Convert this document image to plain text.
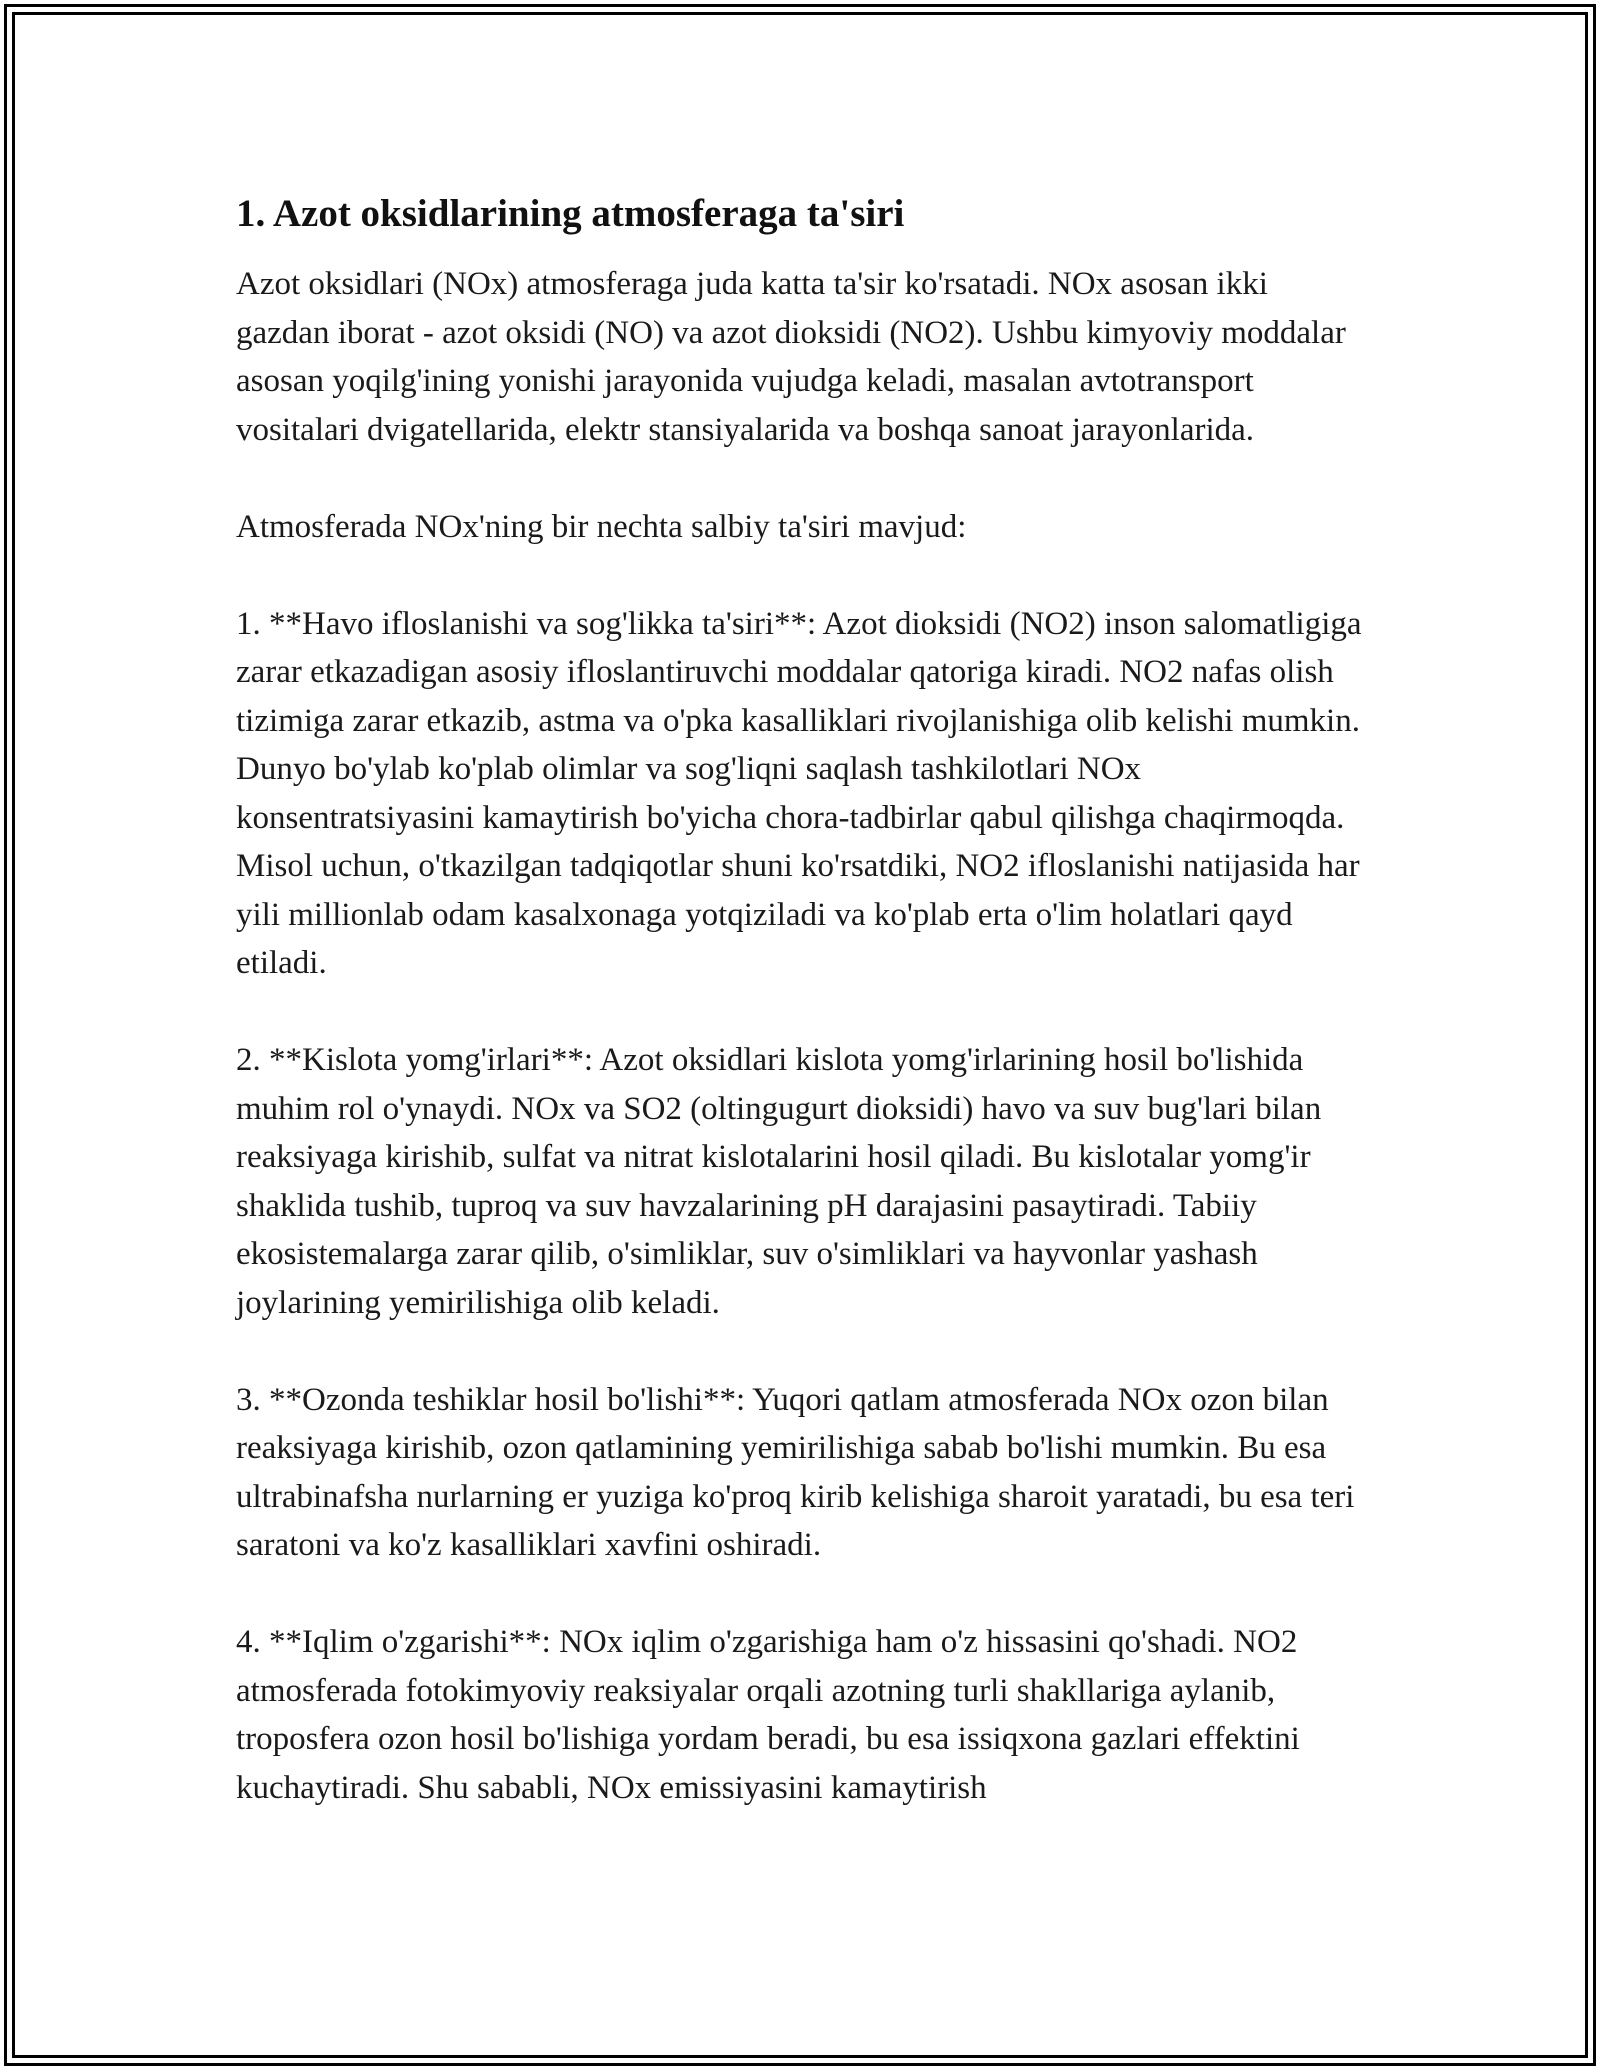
1. Azot oksidlarining atmosferaga ta'siri

Azot oksidlari (NOx) atmosferaga juda katta ta'sir ko'rsatadi. NOx asosan ikki gazdan iborat - azot oksidi (NO) va azot dioksidi (NO2). Ushbu kimyoviy moddalar asosan yoqilg'ining yonishi jarayonida vujudga keladi, masalan avtotransport vositalari dvigatellarida, elektr stansiyalarida va boshqa sanoat jarayonlarida.

Atmosferada NOx'ning bir nechta salbiy ta'siri mavjud:

1. **Havo ifloslanishi va sog'likka ta'siri**: Azot dioksidi (NO2) inson salomatligiga zarar etkazadigan asosiy ifloslantiruvchi moddalar qatoriga kiradi. NO2 nafas olish tizimiga zarar etkazib, astma va o'pka kasalliklari rivojlanishiga olib kelishi mumkin. Dunyo bo'ylab ko'plab olimlar va sog'liqni saqlash tashkilotlari NOx konsentratsiyasini kamaytirish bo'yicha chora-tadbirlar qabul qilishga chaqirmoqda. Misol uchun, o'tkazilgan tadqiqotlar shuni ko'rsatdiki, NO2 ifloslanishi natijasida har yili millionlab odam kasalxonaga yotqiziladi va ko'plab erta o'lim holatlari qayd etiladi.

2. **Kislota yomg'irlari**: Azot oksidlari kislota yomg'irlarining hosil bo'lishida muhim rol o'ynaydi. NOx va SO2 (oltingugurt dioksidi) havo va suv bug'lari bilan reaksiyaga kirishib, sulfat va nitrat kislotalarini hosil qiladi. Bu kislotalar yomg'ir shaklida tushib, tuproq va suv havzalarining pH darajasini pasaytiradi. Tabiiy ekosistemalarga zarar qilib, o'simliklar, suv o'simliklari va hayvonlar yashash joylarining yemirilishiga olib keladi.

3. **Ozonda teshiklar hosil bo'lishi**: Yuqori qatlam atmosferada NOx ozon bilan reaksiyaga kirishib, ozon qatlamining yemirilishiga sabab bo'lishi mumkin. Bu esa ultrabinafsha nurlarning er yuziga ko'proq kirib kelishiga sharoit yaratadi, bu esa teri saratoni va ko'z kasalliklari xavfini oshiradi.

4. **Iqlim o'zgarishi**: NOx iqlim o'zgarishiga ham o'z hissasini qo'shadi. NO2 atmosferada fotokimyoviy reaksiyalar orqali azotning turli shakllariga aylanib, troposfera ozon hosil bo'lishiga yordam beradi, bu esa issiqxona gazlari effektini kuchaytiradi. Shu sababli, NOx emissiyasini kamaytirish
